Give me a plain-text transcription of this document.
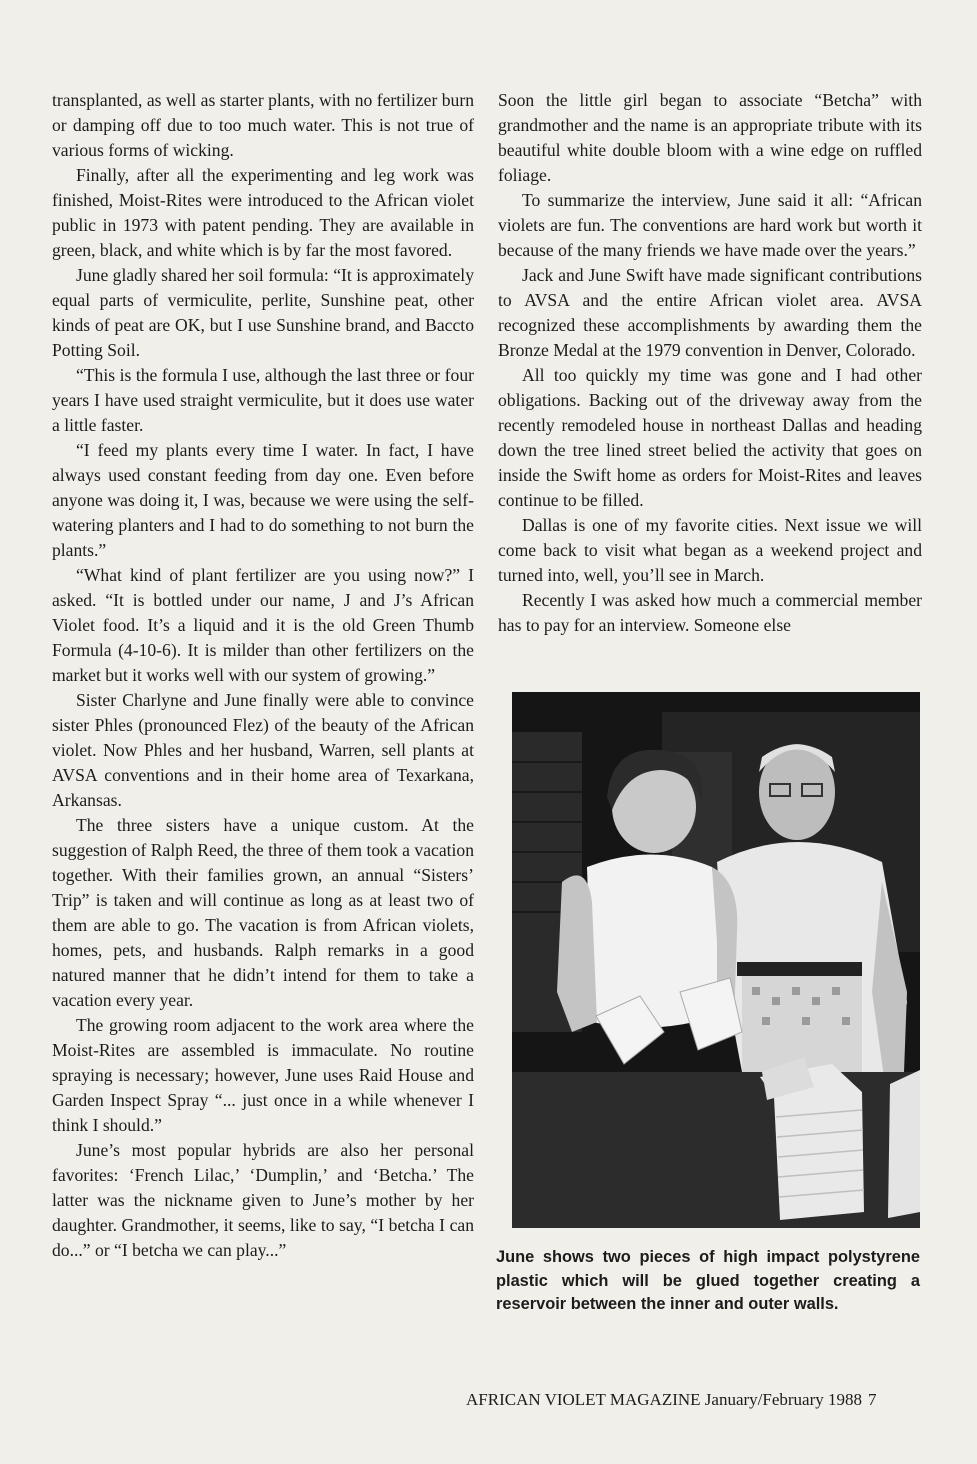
transplanted, as well as starter plants, with no fertilizer burn or damping off due to too much water. This is not true of various forms of wicking.

Finally, after all the experimenting and leg work was finished, Moist-Rites were introduced to the African violet public in 1973 with patent pending. They are available in green, black, and white which is by far the most favored.

June gladly shared her soil formula: “It is approximately equal parts of vermiculite, perlite, Sunshine peat, other kinds of peat are OK, but I use Sunshine brand, and Baccto Potting Soil.

“This is the formula I use, although the last three or four years I have used straight vermiculite, but it does use water a little faster.

“I feed my plants every time I water. In fact, I have always used constant feeding from day one. Even before anyone was doing it, I was, because we were using the self-watering planters and I had to do something to not burn the plants.”

“What kind of plant fertilizer are you using now?” I asked. “It is bottled under our name, J and J’s African Violet food. It’s a liquid and it is the old Green Thumb Formula (4-10-6). It is milder than other fertilizers on the market but it works well with our system of growing.”

Sister Charlyne and June finally were able to convince sister Phles (pronounced Flez) of the beauty of the African violet. Now Phles and her husband, Warren, sell plants at AVSA conventions and in their home area of Texarkana, Arkansas.

The three sisters have a unique custom. At the suggestion of Ralph Reed, the three of them took a vacation together. With their families grown, an annual “Sisters’ Trip” is taken and will continue as long as at least two of them are able to go. The vacation is from African violets, homes, pets, and husbands. Ralph remarks in a good natured manner that he didn’t intend for them to take a vacation every year.

The growing room adjacent to the work area where the Moist-Rites are assembled is immaculate. No routine spraying is necessary; however, June uses Raid House and Garden Inspect Spray “... just once in a while whenever I think I should.”

June’s most popular hybrids are also her personal favorites: ‘French Lilac,’ ‘Dumplin,’ and ‘Betcha.’ The latter was the nickname given to June’s mother by her daughter. Grandmother, it seems, like to say, “I betcha I can do...” or “I betcha we can play...”

Soon the little girl began to associate “Betcha” with grandmother and the name is an appropriate tribute with its beautiful white double bloom with a wine edge on ruffled foliage.

To summarize the interview, June said it all: “African violets are fun. The conventions are hard work but worth it because of the many friends we have made over the years.”

Jack and June Swift have made significant contributions to AVSA and the entire African violet area. AVSA recognized these accomplishments by awarding them the Bronze Medal at the 1979 convention in Denver, Colorado.

All too quickly my time was gone and I had other obligations. Backing out of the driveway away from the recently remodeled house in northeast Dallas and heading down the tree lined street belied the activity that goes on inside the Swift home as orders for Moist-Rites and leaves continue to be filled.

Dallas is one of my favorite cities. Next issue we will come back to visit what began as a weekend project and turned into, well, you’ll see in March.

Recently I was asked how much a commercial member has to pay for an interview. Someone else

June shows two pieces of high impact polystyrene plastic which will be glued together creating a reservoir between the inner and outer walls.
AFRICAN VIOLET MAGAZINE January/February 1988 7
